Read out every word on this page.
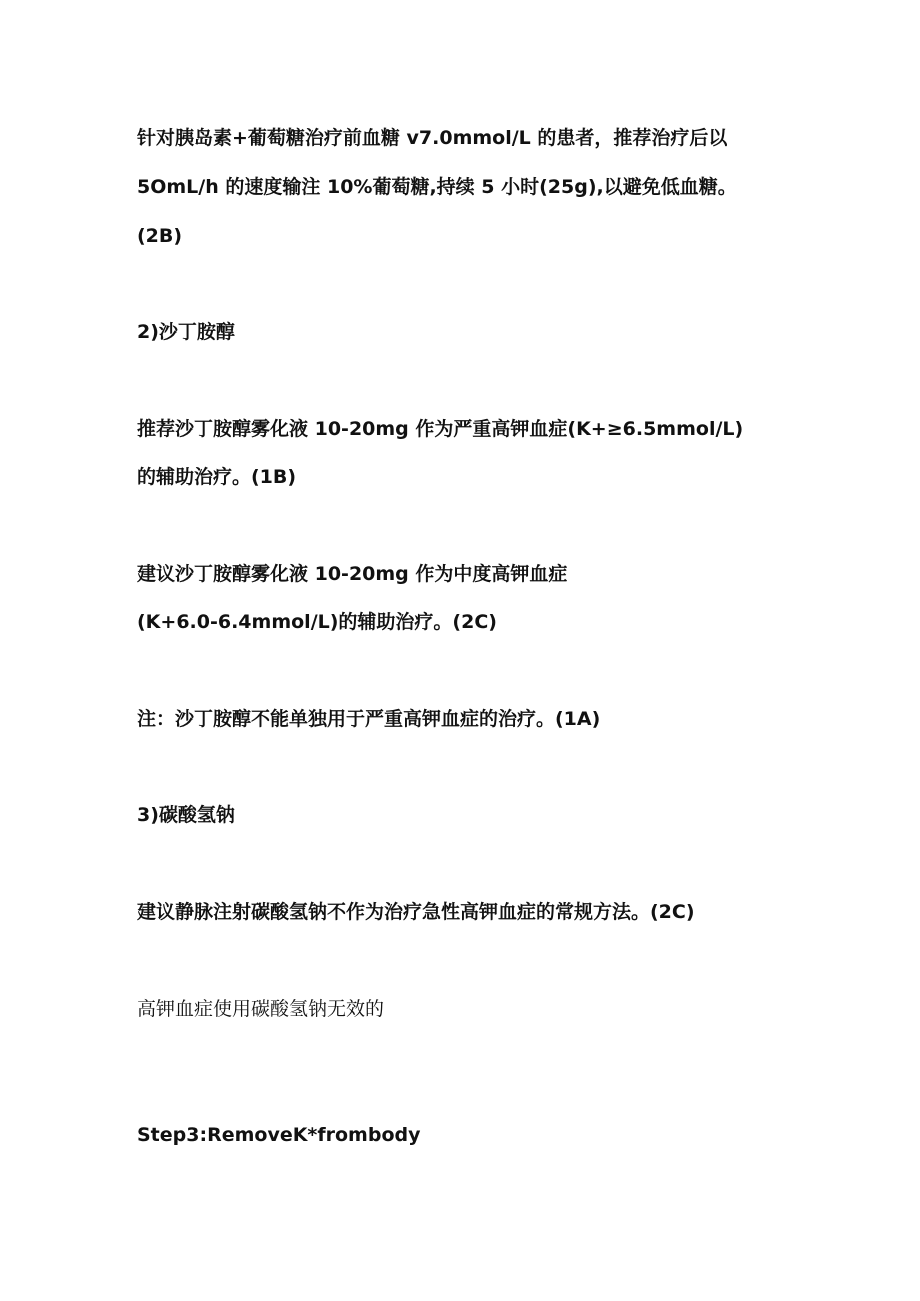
针对胰岛素+葡萄糖治疗前血糖 v7.0mmol/L 的患者，推荐治疗后以
5OmL/h 的速度输注 10%葡萄糖,持续 5 小时(25g),以避免低血糖。
(2B)
2)沙丁胺醇
推荐沙丁胺醇雾化液 10-20mg 作为严重高钾血症(K+≥6.5mmol/L)
的辅助治疗。(1B)
建议沙丁胺醇雾化液 10-20mg 作为中度高钾血症
(K+6.0-6.4mmol/L)的辅助治疗。(2C)
注：沙丁胺醇不能单独用于严重高钾血症的治疗。(1A)
3)碳酸氢钠
建议静脉注射碳酸氢钠不作为治疗急性高钾血症的常规方法。(2C)
高钾血症使用碳酸氢钠无效的
Step3:RemoveK*frombody
